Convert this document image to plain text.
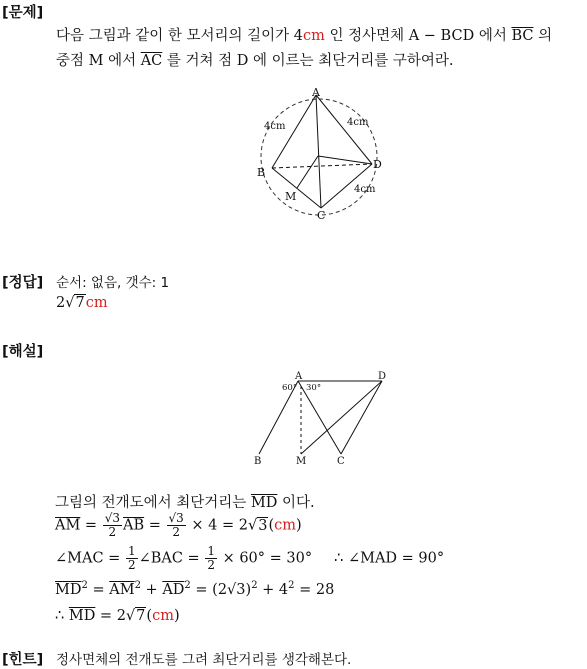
[문제]
다음 그림과 같이 한 모서리의 길이가 4cm 인 정사면체 A − BCD 에서 $\overline{BC}$ 의
중점 M 에서 $\overline{AC}$ 를 거쳐 점 D 에 이르는 최단거리를 구하여라.
A
B
C
D
M
4cm	4cm
4cm
[정답] 순서: 없음, 갯수: 1
2√7cm
[해설]
A	D
B	M	C
60° 30°
그림의 전개도에서 최단거리는 $\overline{MD}$ 이다.
$\overline{AM} = \frac{√3}{2} \overline{AB} = \frac{√3}{2} \times 4 = 2√3(cm)$
∠MAC = $\frac{1}{2}$ ∠BAC = $\frac{1}{2} \times 60^\circ = 30^\circ$ ∴ ∠MAD = 90°
$\overline{MD}^2 = \overline{AM}^2 + \overline{AD}^2 = (2√3)^2 + 4^2 = 28$
∴ $\overline{MD} = 2√7(cm)$
[힌트] 정사면체의 전개도를 그려 최단거리를 생각해본다.
